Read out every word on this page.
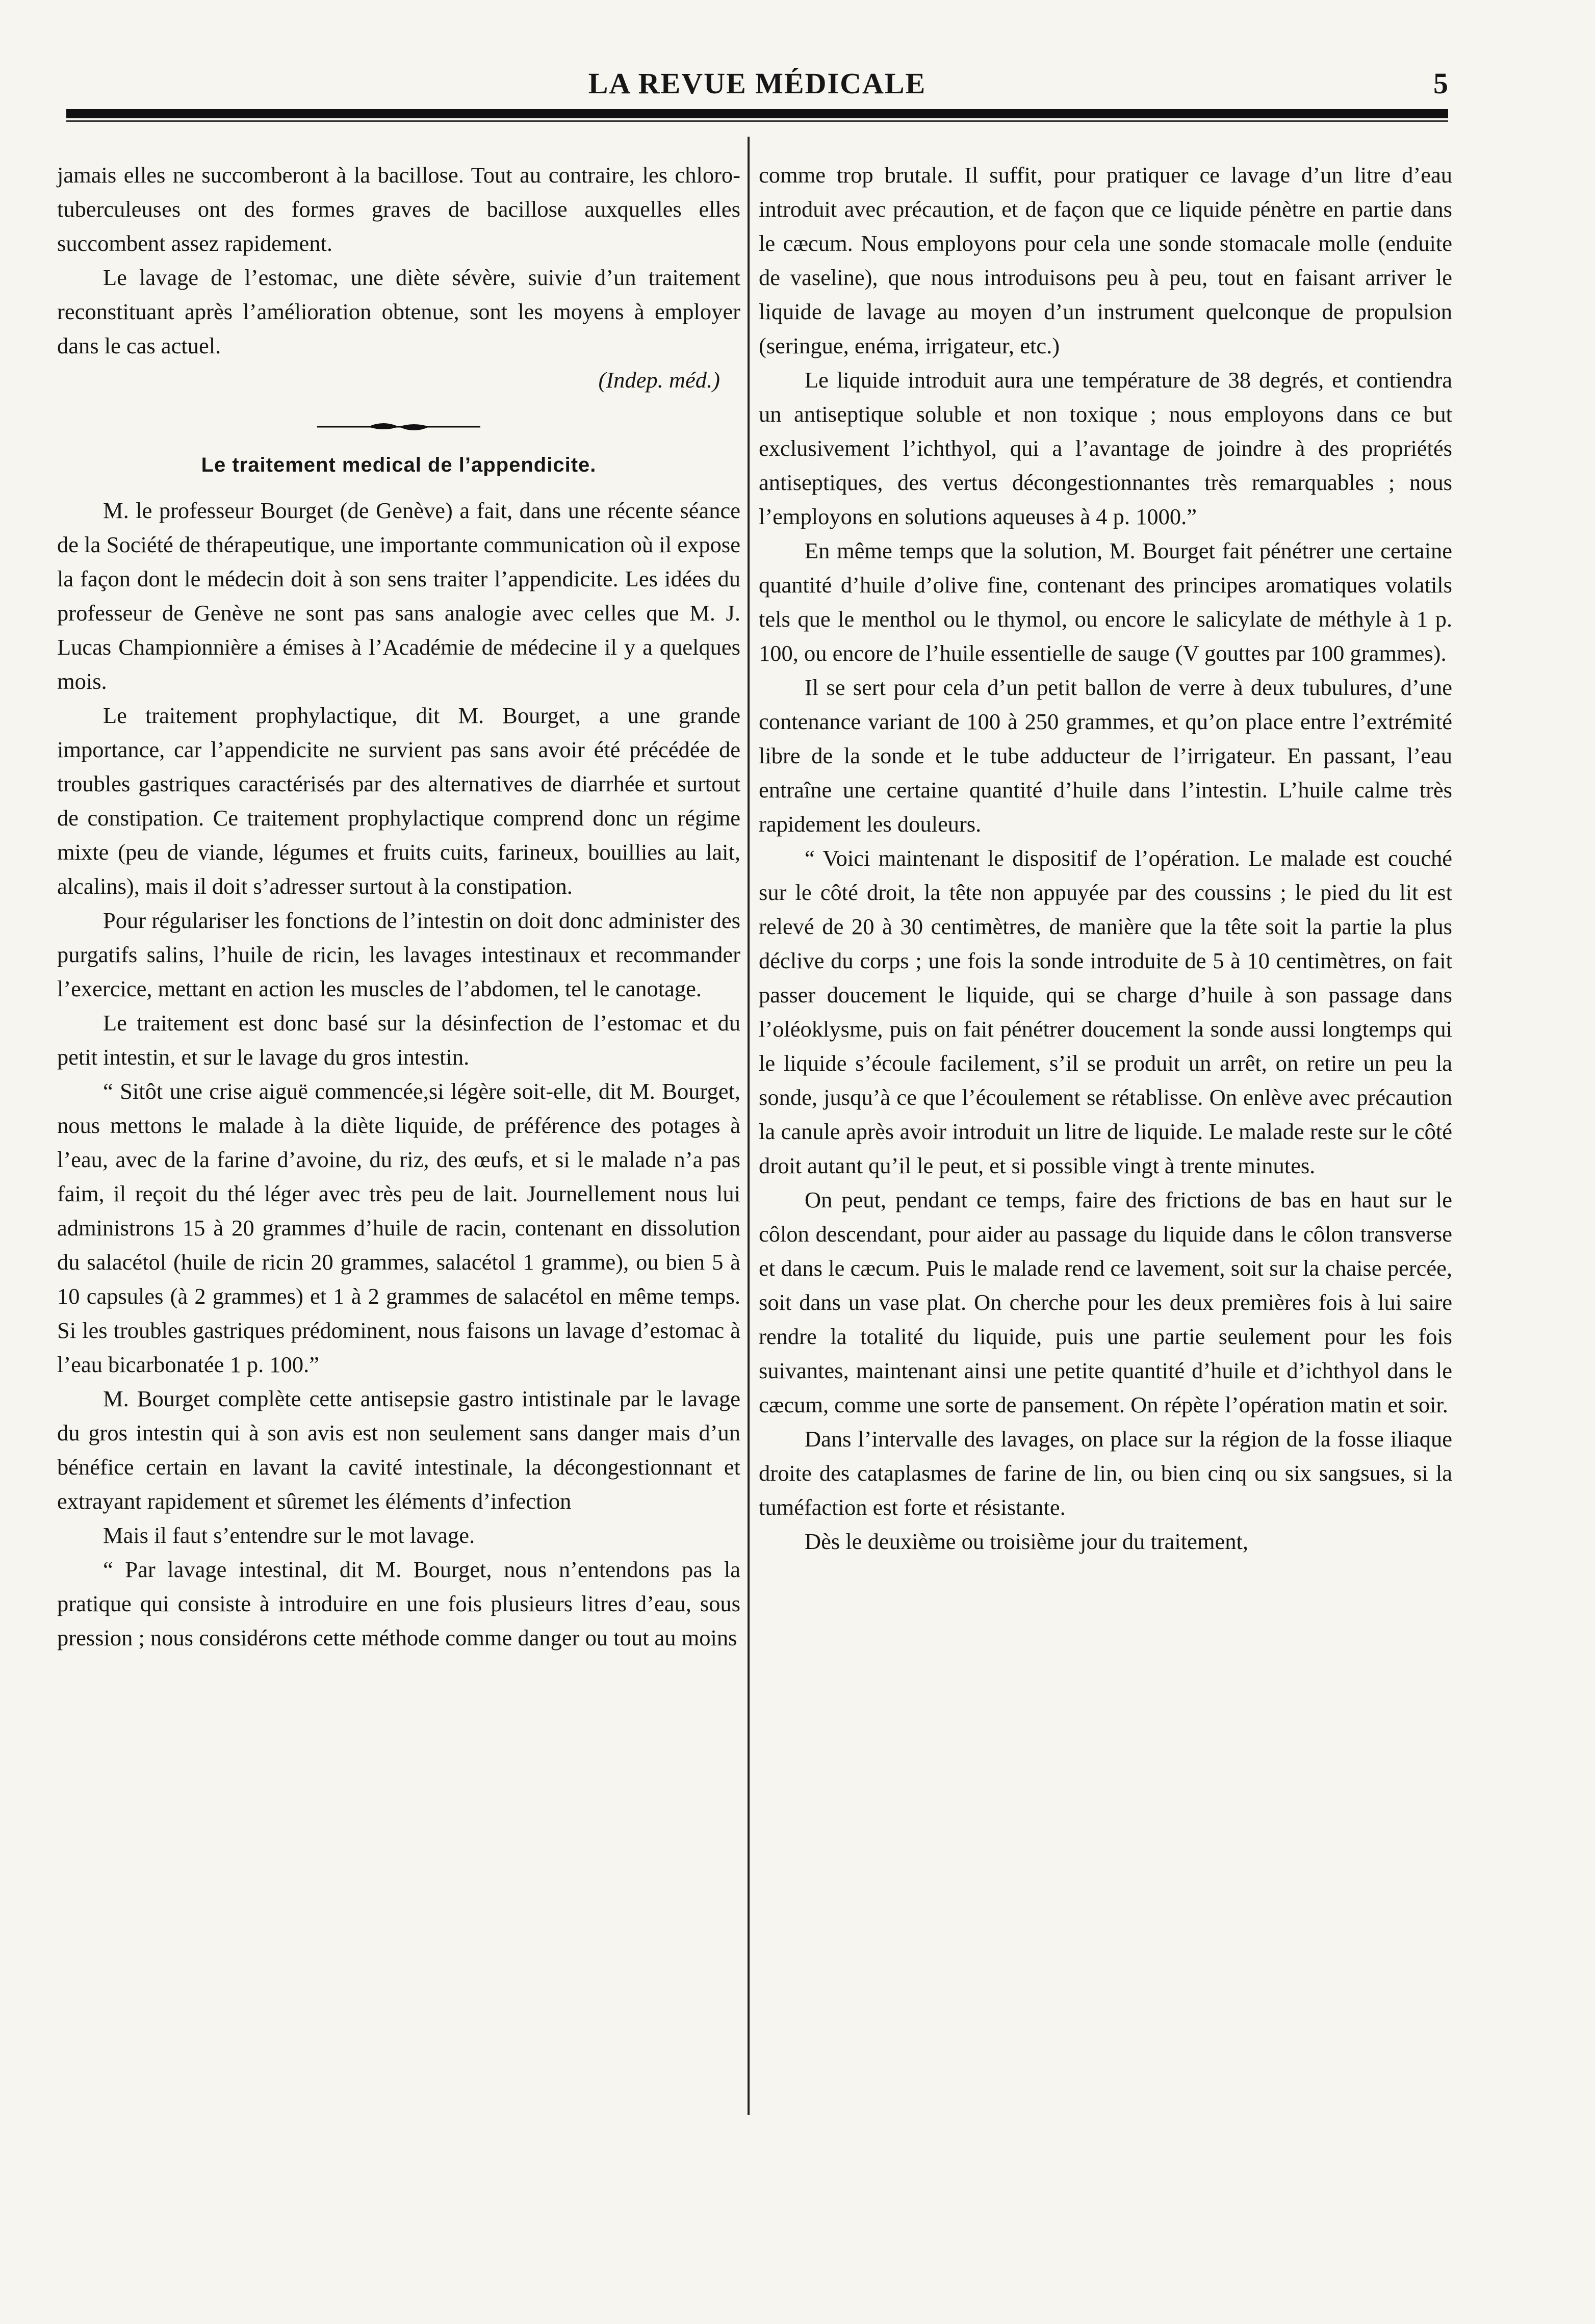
LA REVUE MÉDICALE	5

jamais elles ne succomberont à la bacillose. Tout au contraire, les chloro-tuberculeuses ont des formes graves de bacillose auxquelles elles succombent assez rapidement.

Le lavage de l’estomac, une diète sévère, suivie d’un traitement reconstituant après l’amélioration obtenue, sont les moyens à employer dans le cas actuel.

(Indep. méd.)

Le traitement medical de l’appendicite.

M. le professeur Bourget (de Genève) a fait, dans une récente séance de la Société de thérapeutique, une importante communication où il expose la façon dont le médecin doit à son sens traiter l’appendicite. Les idées du professeur de Genève ne sont pas sans analogie avec celles que M. J. Lucas Championnière a émises à l’Académie de médecine il y a quelques mois.

Le traitement prophylactique, dit M. Bourget, a une grande importance, car l’appendicite ne survient pas sans avoir été précédée de troubles gastriques caractérisés par des alternatives de diarrhée et surtout de constipation. Ce traitement prophylactique comprend donc un régime mixte (peu de viande, légumes et fruits cuits, farineux, bouillies au lait, alcalins), mais il doit s’adresser surtout à la constipation.

Pour régulariser les fonctions de l’intestin on doit donc administer des purgatifs salins, l’huile de ricin, les lavages intestinaux et recommander l’exercice, mettant en action les muscles de l’abdomen, tel le canotage.

Le traitement est donc basé sur la désinfection de l’estomac et du petit intestin, et sur le lavage du gros intestin.

“ Sitôt une crise aiguë commencée,si légère soit-elle, dit M. Bourget, nous mettons le malade à la diète liquide, de préférence des potages à l’eau, avec de la farine d’avoine, du riz, des œufs, et si le malade n’a pas faim, il reçoit du thé léger avec très peu de lait. Journellement nous lui administrons 15 à 20 grammes d’huile de racin, contenant en dissolution du salacétol (huile de ricin 20 grammes, salacétol 1 gramme), ou bien 5 à 10 capsules (à 2 grammes) et 1 à 2 grammes de salacétol en même temps. Si les troubles gastriques prédominent, nous faisons un lavage d’estomac à l’eau bicarbonatée 1 p. 100.”

M. Bourget complète cette antisepsie gastro intistinale par le lavage du gros intestin qui à son avis est non seulement sans danger mais d’un bénéfice certain en lavant la cavité intestinale, la décongestionnant et extrayant rapidement et sûremet les éléments d’infection

Mais il faut s’entendre sur le mot lavage.

“ Par lavage intestinal, dit M. Bourget, nous n’entendons pas la pratique qui consiste à introduire en une fois plusieurs litres d’eau, sous pression ; nous considérons cette méthode comme danger ou tout au moins

comme trop brutale. Il suffit, pour pratiquer ce lavage d’un litre d’eau introduit avec précaution, et de façon que ce liquide pénètre en partie dans le cæcum. Nous employons pour cela une sonde stomacale molle (enduite de vaseline), que nous introduisons peu à peu, tout en faisant arriver le liquide de lavage au moyen d’un instrument quelconque de propulsion (seringue, enéma, irrigateur, etc.)

Le liquide introduit aura une température de 38 degrés, et contiendra un antiseptique soluble et non toxique ; nous employons dans ce but exclusivement l’ichthyol, qui a l’avantage de joindre à des propriétés antiseptiques, des vertus décongestionnantes très remarquables ; nous l’employons en solutions aqueuses à 4 p. 1000.”

En même temps que la solution, M. Bourget fait pénétrer une certaine quantité d’huile d’olive fine, contenant des principes aromatiques volatils tels que le menthol ou le thymol, ou encore le salicylate de méthyle à 1 p. 100, ou encore de l’huile essentielle de sauge (V gouttes par 100 grammes).

Il se sert pour cela d’un petit ballon de verre à deux tubulures, d’une contenance variant de 100 à 250 grammes, et qu’on place entre l’extrémité libre de la sonde et le tube adducteur de l’irrigateur. En passant, l’eau entraîne une certaine quantité d’huile dans l’intestin. L’huile calme très rapidement les douleurs.

“ Voici maintenant le dispositif de l’opération. Le malade est couché sur le côté droit, la tête non appuyée par des coussins ; le pied du lit est relevé de 20 à 30 centimètres, de manière que la tête soit la partie la plus déclive du corps ; une fois la sonde introduite de 5 à 10 centimètres, on fait passer doucement le liquide, qui se charge d’huile à son passage dans l’oléoklysme, puis on fait pénétrer doucement la sonde aussi longtemps qui le liquide s’écoule facilement, s’il se produit un arrêt, on retire un peu la sonde, jusqu’à ce que l’écoulement se rétablisse. On enlève avec précaution la canule après avoir introduit un litre de liquide. Le malade reste sur le côté droit autant qu’il le peut, et si possible vingt à trente minutes.

On peut, pendant ce temps, faire des frictions de bas en haut sur le côlon descendant, pour aider au passage du liquide dans le côlon transverse et dans le cæcum. Puis le malade rend ce lavement, soit sur la chaise percée, soit dans un vase plat. On cherche pour les deux premières fois à lui saire rendre la totalité du liquide, puis une partie seulement pour les fois suivantes, maintenant ainsi une petite quantité d’huile et d’ichthyol dans le cæcum, comme une sorte de pansement. On répète l’opération matin et soir.

Dans l’intervalle des lavages, on place sur la région de la fosse iliaque droite des cataplasmes de farine de lin, ou bien cinq ou six sangsues, si la tuméfaction est forte et résistante.

Dès le deuxième ou troisième jour du traitement,
